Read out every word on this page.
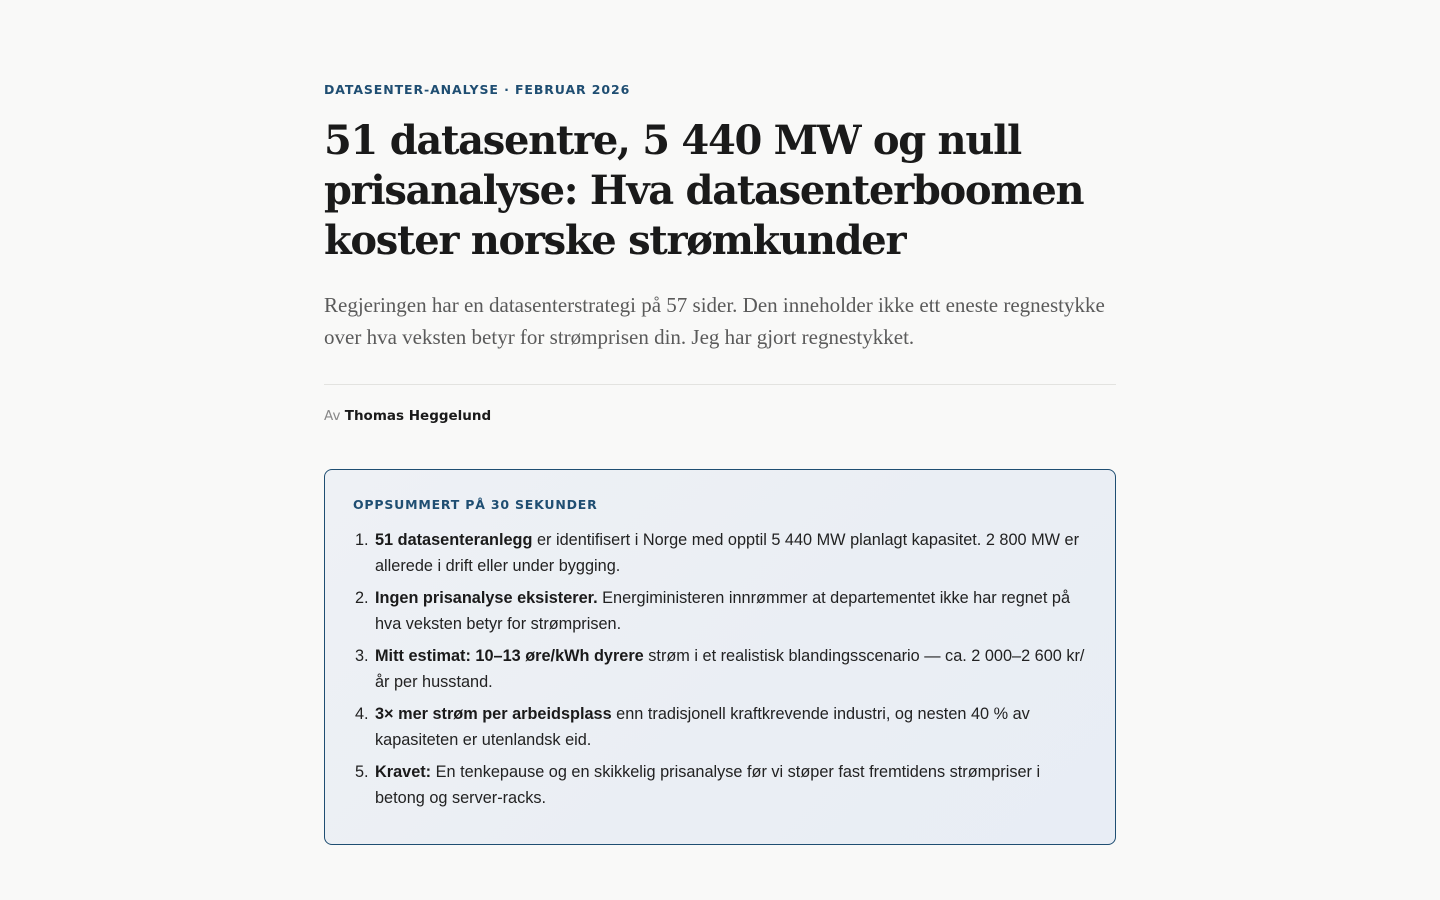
DATASENTER-ANALYSE · FEBRUAR 2026
51 datasentre, 5 440 MW og null prisanalyse: Hva datasenterboomen koster norske strømkunder

Regjeringen har en datasenterstrategi på 57 sider. Den inneholder ikke ett eneste regnestykke over hva veksten betyr for strømprisen din. Jeg har gjort regnestykket.

Av Thomas Heggelund
OPPSUMMERT PÅ 30 SEKUNDER
1. 51 datasenteranlegg er identifisert i Norge med opptil 5 440 MW planlagt kapasitet. 2 800 MW er allerede i drift eller under bygging.
2. Ingen prisanalyse eksisterer. Energiministeren innrømmer at departementet ikke har regnet på hva veksten betyr for strømprisen.
3. Mitt estimat: 10–13 øre/kWh dyrere strøm i et realistisk blandingsscenario — ca. 2 000–2 600 kr/år per husstand.
4. 3× mer strøm per arbeidsplass enn tradisjonell kraftkrevende industri, og nesten 40 % av kapasiteten er utenlandsk eid.
5. Kravet: En tenkepause og en skikkelig prisanalyse før vi støper fast fremtidens strømpriser i betong og server-racks.
